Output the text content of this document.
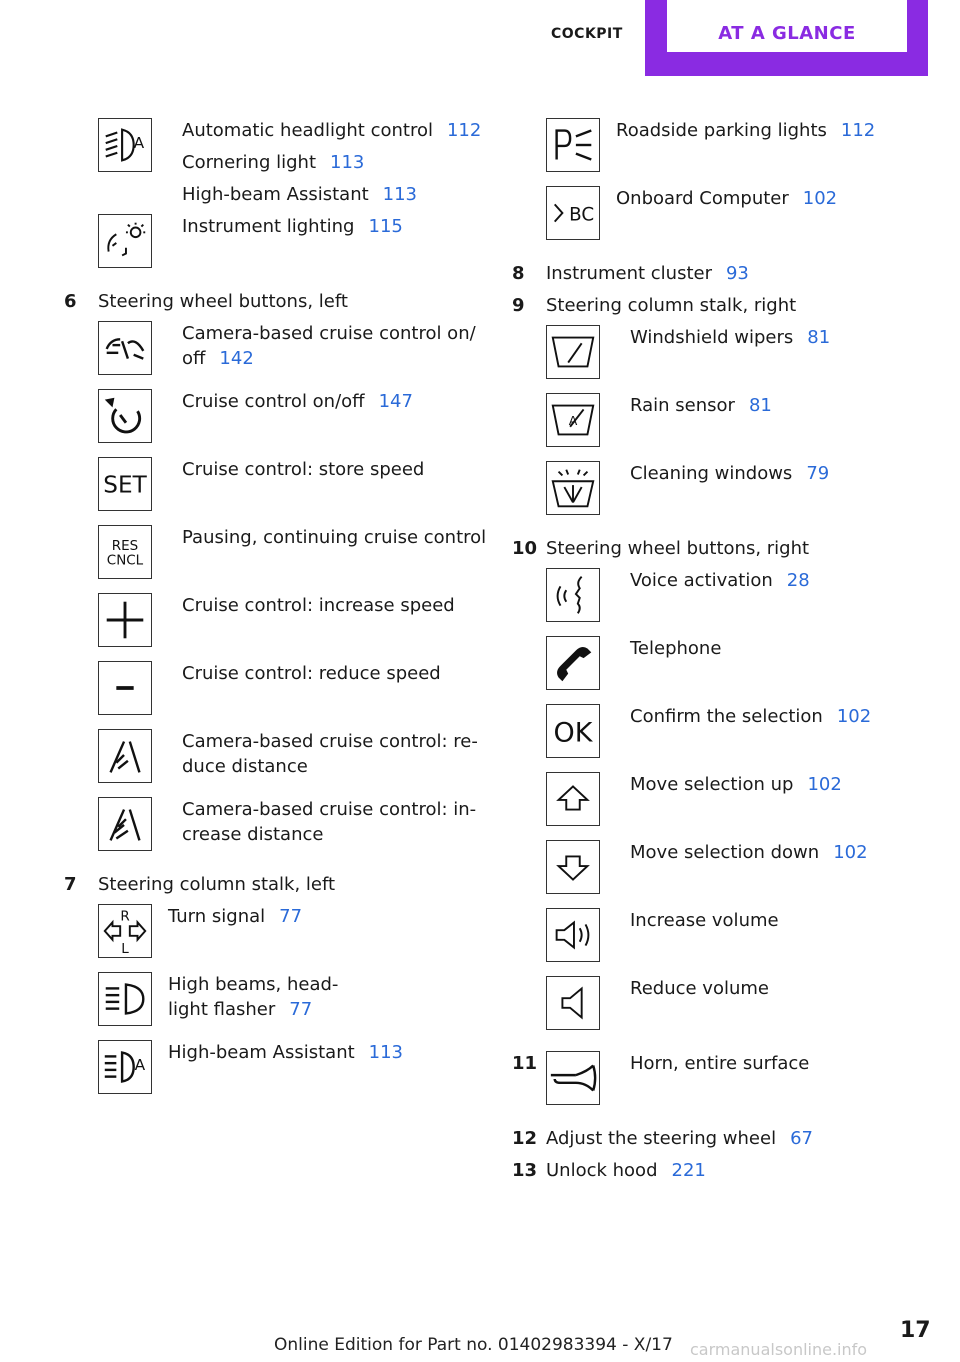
COCKPIT	AT A GLANCE
A
Automatic headlight control 112
Cornering light 113
High-beam Assistant 113
Instrument lighting 115
6 Steering wheel buttons, left
Camera-based cruise control on/
off 142
Cruise control on/off 147
SET
Cruise control: store speed
RES
CNCL
Pausing, continuing cruise control
Cruise control: increase speed
Cruise control: reduce speed
Camera-based cruise control: re-
duce distance
Camera-based cruise control: in-
crease distance
7 Steering column stalk, left
R
L
Turn signal 77
High beams, head-
light flasher 77
A
High-beam Assistant 113
Roadside parking lights 112
BC
Onboard Computer 102
8 Instrument cluster 93
9 Steering column stalk, right
Windshield wipers 81
A
Rain sensor 81
Cleaning windows 79
10 Steering wheel buttons, right
Voice activation 28
Telephone
OK
Confirm the selection 102
Move selection up 102
Move selection down 102
Increase volume
Reduce volume
11	Horn, entire surface
12 Adjust the steering wheel 67
13 Unlock hood 221
17
Online Edition for Part no. 01402983394 - X/17 carmanualsonline.info
